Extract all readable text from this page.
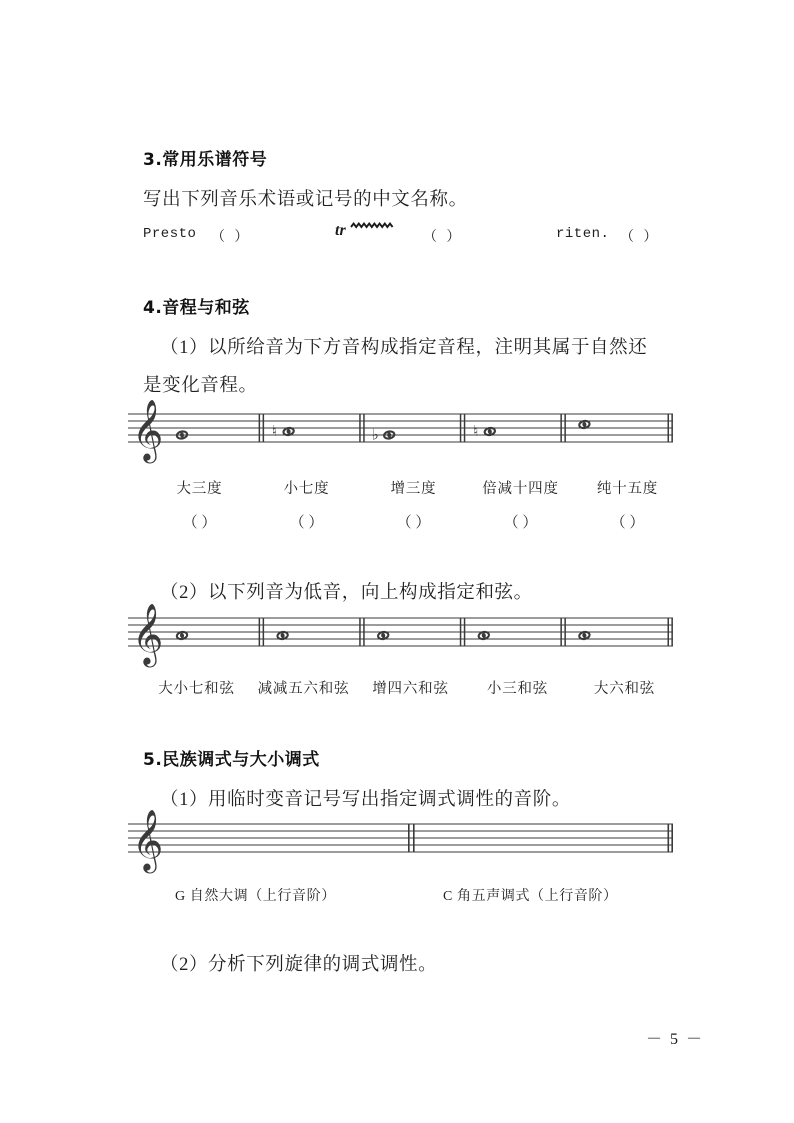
3.常用乐谱符号
写出下列音乐术语或记号的中文名称。
Presto （ ）	tr	（ ）	riten. （ ）
4.音程与和弦
（1）以所给音为下方音构成指定音程，注明其属于自然还
是变化音程。
𝄞	♮	♭	♮
大三度	小七度	增三度	倍减十四度	纯十五度
（ ）	（ ）	（ ）	（ ）	（ ）
（2）以下列音为低音，向上构成指定和弦。
𝄞
大小七和弦	减减五六和弦	增四六和弦	小三和弦	大六和弦
5.民族调式与大小调式
（1）用临时变音记号写出指定调式调性的音阶。
𝄞
G 自然大调（上行音阶）	C 角五声调式（上行音阶）
（2）分析下列旋律的调式调性。
－ 5 －
